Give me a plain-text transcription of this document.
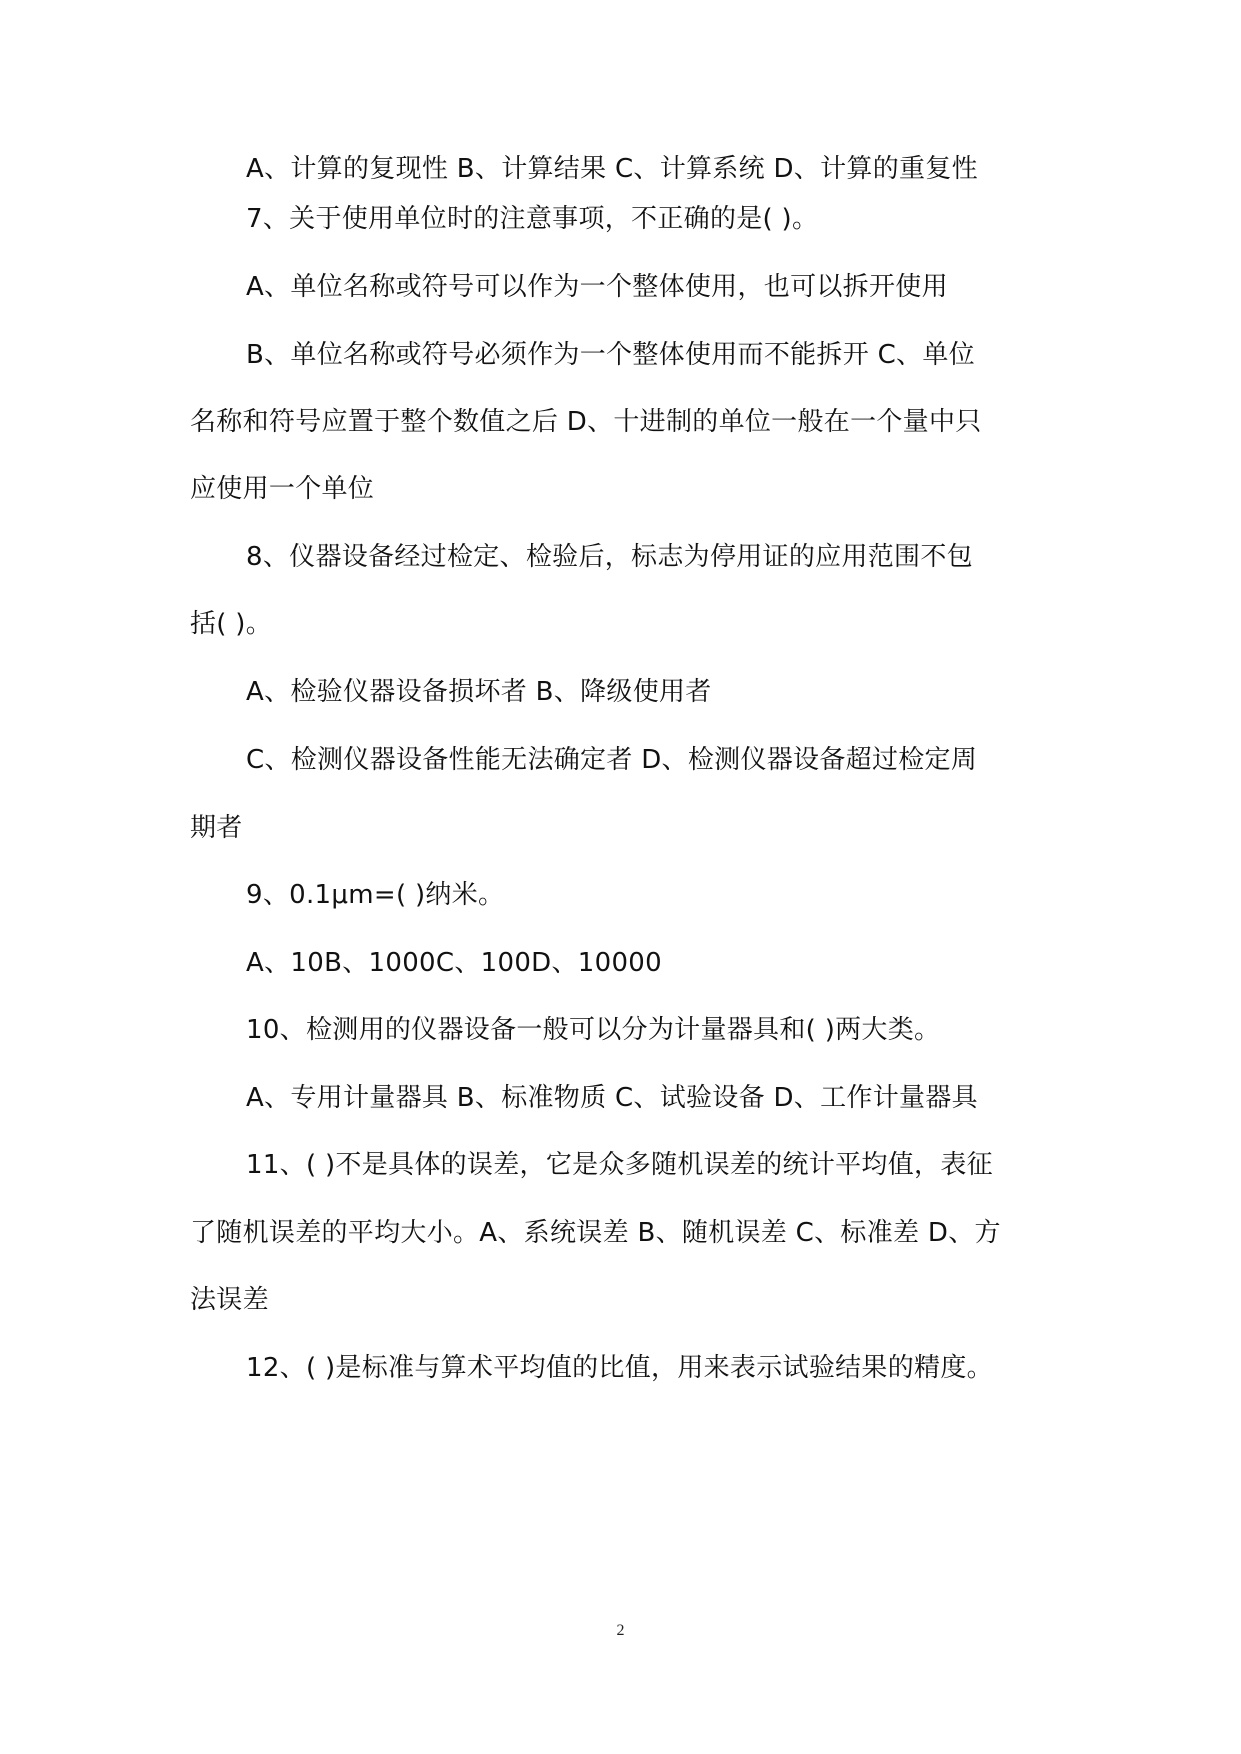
A、计算的复现性 B、计算结果 C、计算系统 D、计算的重复性
7、关于使用单位时的注意事项，不正确的是( )。
A、单位名称或符号可以作为一个整体使用，也可以拆开使用
B、单位名称或符号必须作为一个整体使用而不能拆开 C、单位
名称和符号应置于整个数值之后 D、十进制的单位一般在一个量中只
应使用一个单位
8、仪器设备经过检定、检验后，标志为停用证的应用范围不包
括( )。
A、检验仪器设备损坏者 B、降级使用者
C、检测仪器设备性能无法确定者 D、检测仪器设备超过检定周
期者
9、0.1μm=( )纳米。
A、10B、1000C、100D、10000
10、检测用的仪器设备一般可以分为计量器具和( )两大类。
A、专用计量器具 B、标准物质 C、试验设备 D、工作计量器具
11、( )不是具体的误差，它是众多随机误差的统计平均值，表征
了随机误差的平均大小。A、系统误差 B、随机误差 C、标准差 D、方
法误差
12、( )是标准与算术平均值的比值，用来表示试验结果的精度。
2
